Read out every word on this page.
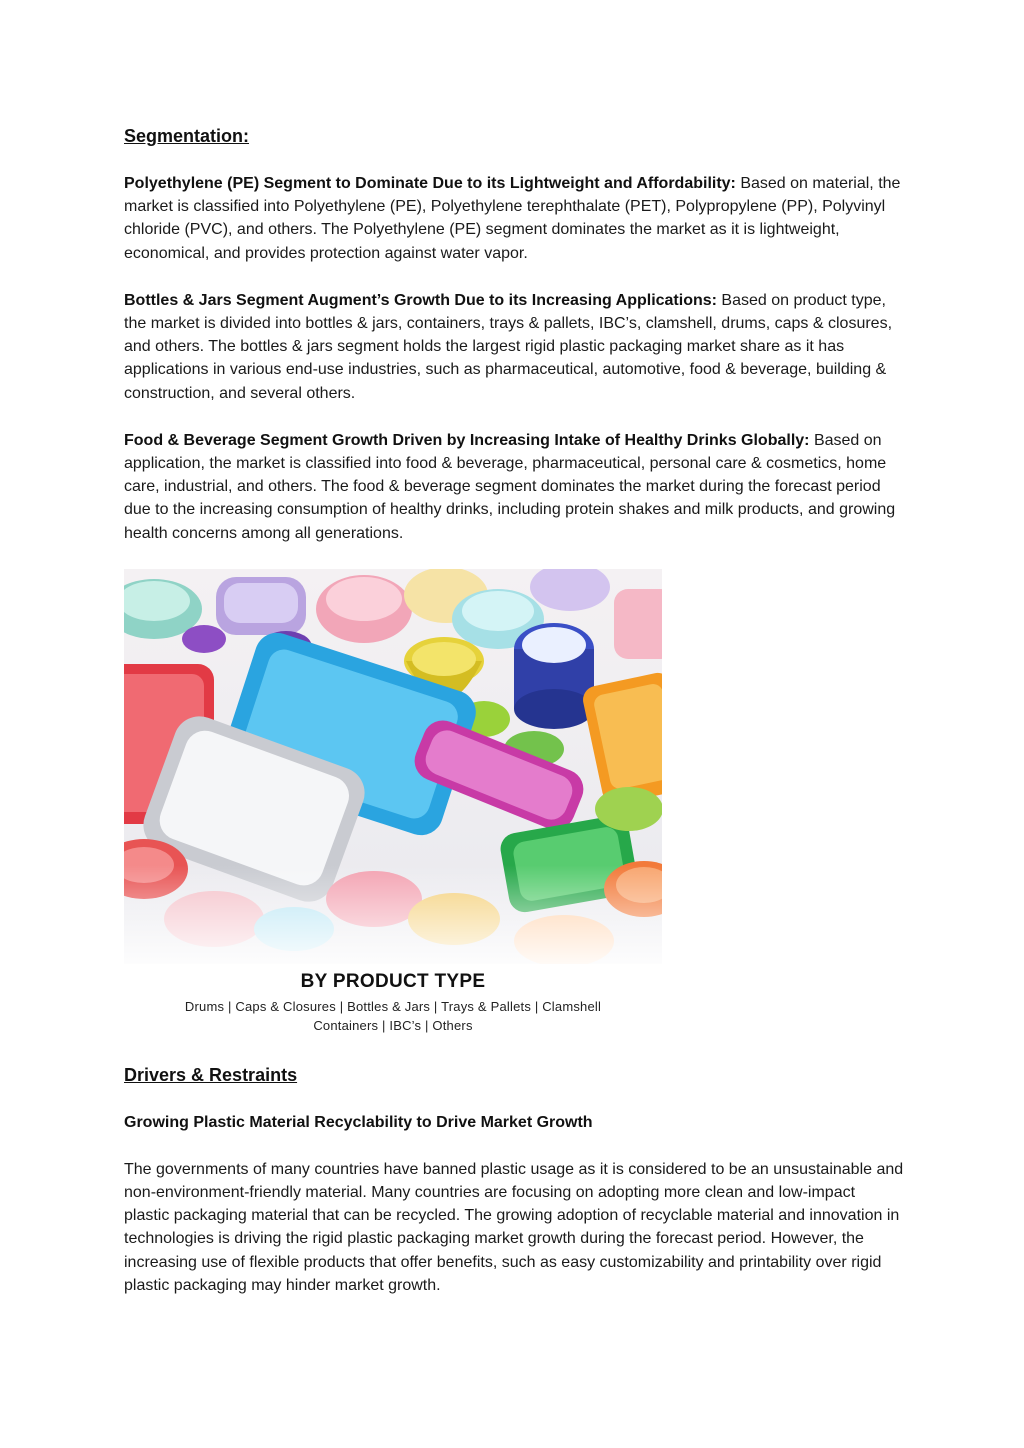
Segmentation:

Polyethylene (PE) Segment to Dominate Due to its Lightweight and Affordability: Based on material, the market is classified into Polyethylene (PE), Polyethylene terephthalate (PET), Polypropylene (PP), Polyvinyl chloride (PVC), and others. The Polyethylene (PE) segment dominates the market as it is lightweight, economical, and provides protection against water vapor.

Bottles & Jars Segment Augment’s Growth Due to its Increasing Applications: Based on product type, the market is divided into bottles & jars, containers, trays & pallets, IBC’s, clamshell, drums, caps & closures, and others. The bottles & jars segment holds the largest rigid plastic packaging market share as it has applications in various end-use industries, such as pharmaceutical, automotive, food & beverage, building & construction, and several others.

Food & Beverage Segment Growth Driven by Increasing Intake of Healthy Drinks Globally: Based on application, the market is classified into food & beverage, pharmaceutical, personal care & cosmetics, home care, industrial, and others. The food & beverage segment dominates the market during the forecast period due to the increasing consumption of healthy drinks, including protein shakes and milk products, and growing health concerns among all generations.

BY PRODUCT TYPE
Drums | Caps & Closures | Bottles & Jars | Trays & Pallets | Clamshell
Containers | IBC’s | Others
Drivers & Restraints

Growing Plastic Material Recyclability to Drive Market Growth

The governments of many countries have banned plastic usage as it is considered to be an unsustainable and non-environment-friendly material. Many countries are focusing on adopting more clean and low-impact plastic packaging material that can be recycled. The growing adoption of recyclable material and innovation in technologies is driving the rigid plastic packaging market growth during the forecast period. However, the increasing use of flexible products that offer benefits, such as easy customizability and printability over rigid plastic packaging may hinder market growth.
